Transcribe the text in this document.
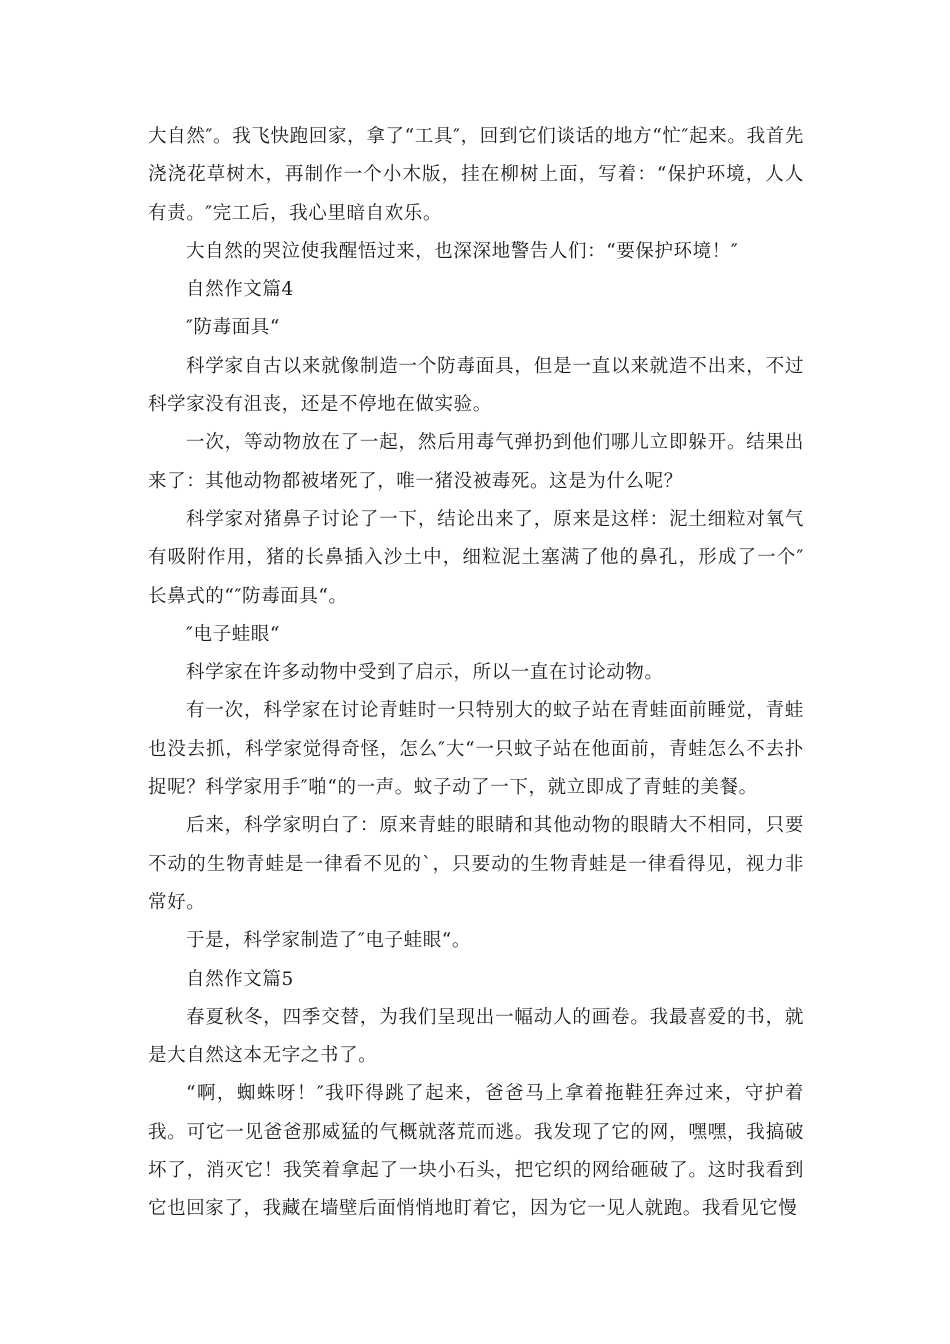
大自然″。我飞快跑回家，拿了“工具″，回到它们谈话的地方“忙″起来。我首先浇浇花草树木，再制作一个小木版，挂在柳树上面，写着：“保护环境，人人有责。″完工后，我心里暗自欢乐。

大自然的哭泣使我醒悟过来，也深深地警告人们：“要保护环境！″

自然作文篇4

″防毒面具“

科学家自古以来就像制造一个防毒面具，但是一直以来就造不出来，不过科学家没有沮丧，还是不停地在做实验。

一次，等动物放在了一起，然后用毒气弹扔到他们哪儿立即躲开。结果出来了：其他动物都被堵死了，唯一猪没被毒死。这是为什么呢？

科学家对猪鼻子讨论了一下，结论出来了，原来是这样：泥土细粒对氧气有吸附作用，猪的长鼻插入沙土中，细粒泥土塞满了他的鼻孔，形成了一个″长鼻式的“″防毒面具“。

″电子蛙眼“

科学家在许多动物中受到了启示，所以一直在讨论动物。

有一次，科学家在讨论青蛙时一只特别大的蚊子站在青蛙面前睡觉，青蛙也没去抓，科学家觉得奇怪，怎么″大“一只蚊子站在他面前，青蛙怎么不去扑捉呢？科学家用手″啪“的一声。蚊子动了一下，就立即成了青蛙的美餐。

后来，科学家明白了：原来青蛙的眼睛和其他动物的眼睛大不相同，只要不动的生物青蛙是一律看不见的`，只要动的生物青蛙是一律看得见，视力非常好。

于是，科学家制造了″电子蛙眼“。

自然作文篇5

春夏秋冬，四季交替，为我们呈现出一幅动人的画卷。我最喜爱的书，就是大自然这本无字之书了。

“啊，蜘蛛呀！″我吓得跳了起来，爸爸马上拿着拖鞋狂奔过来，守护着我。可它一见爸爸那威猛的气概就落荒而逃。我发现了它的网，嘿嘿，我搞破坏了，消灭它！我笑着拿起了一块小石头，把它织的网给砸破了。这时我看到它也回家了，我藏在墙壁后面悄悄地盯着它，因为它一见人就跑。我看见它慢
